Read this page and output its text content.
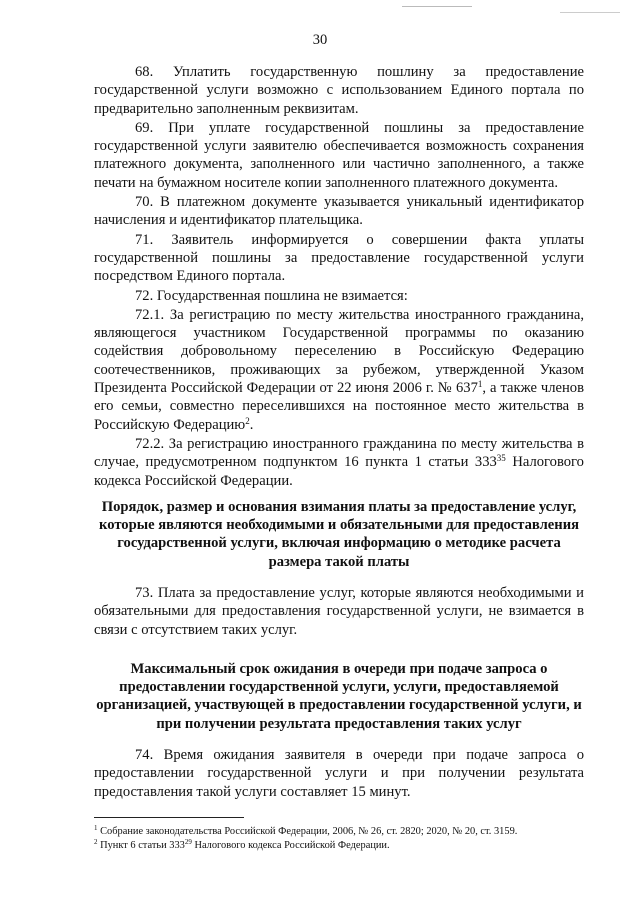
30

68. Уплатить государственную пошлину за предоставление государственной услуги возможно с использованием Единого портала по предварительно заполненным реквизитам.

69. При уплате государственной пошлины за предоставление государственной услуги заявителю обеспечивается возможность сохранения платежного документа, заполненного или частично заполненного, а также печати на бумажном носителе копии заполненного платежного документа.

70. В платежном документе указывается уникальный идентификатор начисления и идентификатор плательщика.

71. Заявитель информируется о совершении факта уплаты государственной пошлины за предоставление государственной услуги посредством Единого портала.

72. Государственная пошлина не взимается:

72.1. За регистрацию по месту жительства иностранного гражданина, являющегося участником Государственной программы по оказанию содействия добровольному переселению в Российскую Федерацию соотечественников, проживающих за рубежом, утвержденной Указом Президента Российской Федерации от 22 июня 2006 г. № $637^1$, а также членов его семьи, совместно переселившихся на постоянное место жительства в Российскую Федерацию$^2$.

72.2. За регистрацию иностранного гражданина по месту жительства в случае, предусмотренном подпунктом 16 пункта 1 статьи $333^{35}$ Налогового кодекса Российской Федерации.

Порядок, размер и основания взимания платы за предоставление услуг, которые являются необходимыми и обязательными для предоставления государственной услуги, включая информацию о методике расчета размера такой платы

73. Плата за предоставление услуг, которые являются необходимыми и обязательными для предоставления государственной услуги, не взимается в связи с отсутствием таких услуг.

Максимальный срок ожидания в очереди при подаче запроса о предоставлении государственной услуги, услуги, предоставляемой организацией, участвующей в предоставлении государственной услуги, и при получении результата предоставления таких услуг

74. Время ожидания заявителя в очереди при подаче запроса о предоставлении государственной услуги и при получении результата предоставления такой услуги составляет 15 минут.

$^1$ Собрание законодательства Российской Федерации, 2006, № 26, ст. 2820; 2020, № 20, ст. 3159.
$^2$ Пункт 6 статьи $333^{29}$ Налогового кодекса Российской Федерации.
